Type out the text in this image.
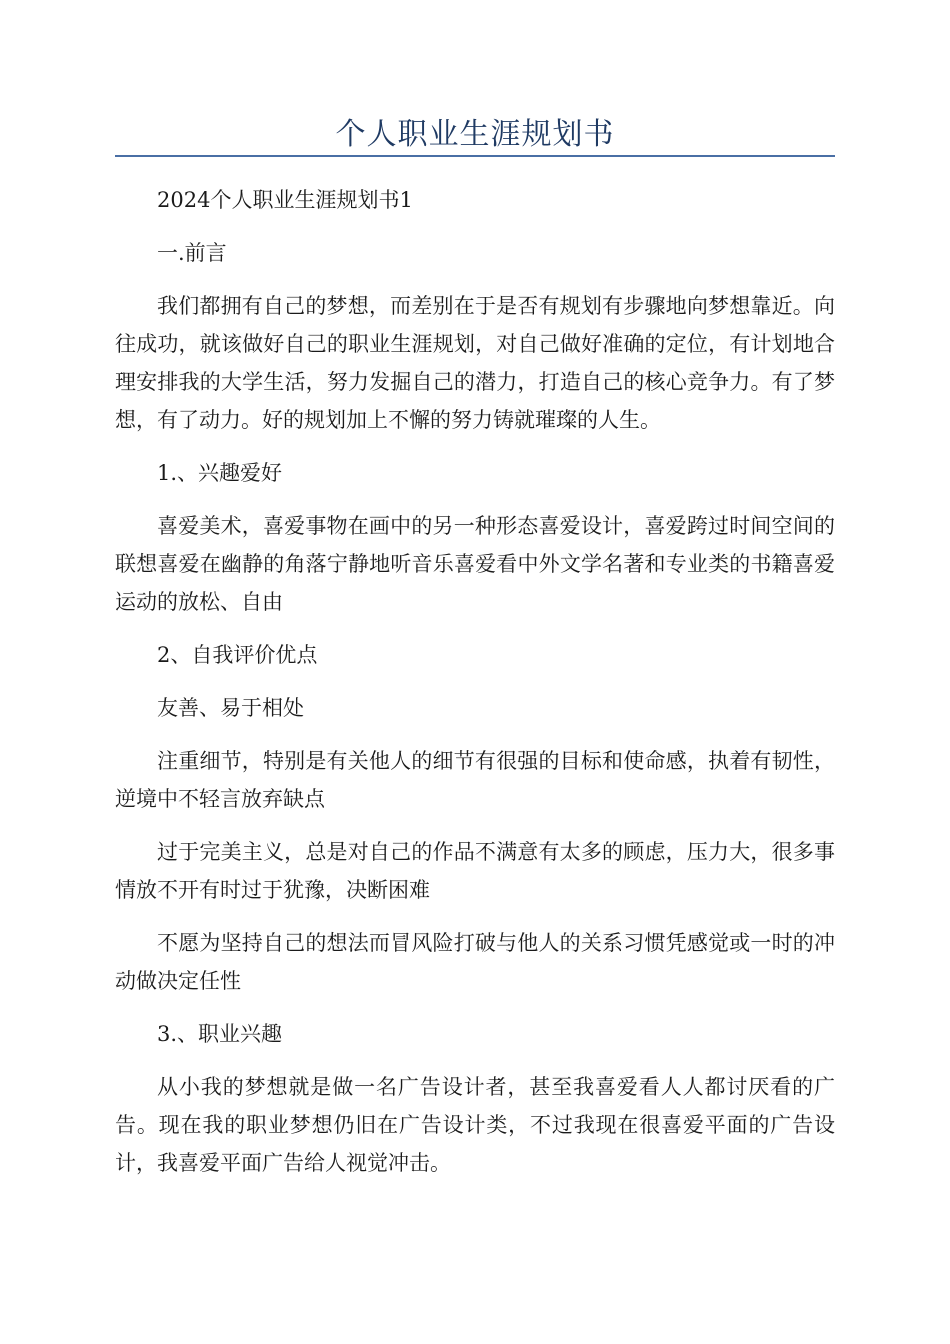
个人职业生涯规划书

2024个人职业生涯规划书1

一.前言

我们都拥有自己的梦想，而差别在于是否有规划有步骤地向梦想靠近。向往成功，就该做好自己的职业生涯规划，对自己做好准确的定位，有计划地合理安排我的大学生活，努力发掘自己的潜力，打造自己的核心竞争力。有了梦想，有了动力。好的规划加上不懈的努力铸就璀璨的人生。

1.、兴趣爱好

喜爱美术，喜爱事物在画中的另一种形态喜爱设计，喜爱跨过时间空间的联想喜爱在幽静的角落宁静地听音乐喜爱看中外文学名著和专业类的书籍喜爱运动的放松、自由

2、自我评价优点

友善、易于相处

注重细节，特别是有关他人的细节有很强的目标和使命感，执着有韧性，逆境中不轻言放弃缺点

过于完美主义，总是对自己的作品不满意有太多的顾虑，压力大，很多事情放不开有时过于犹豫，决断困难

不愿为坚持自己的想法而冒风险打破与他人的关系习惯凭感觉或一时的冲动做决定任性

3.、职业兴趣

从小我的梦想就是做一名广告设计者，甚至我喜爱看人人都讨厌看的广告。现在我的职业梦想仍旧在广告设计类，不过我现在很喜爱平面的广告设计，我喜爱平面广告给人视觉冲击。
